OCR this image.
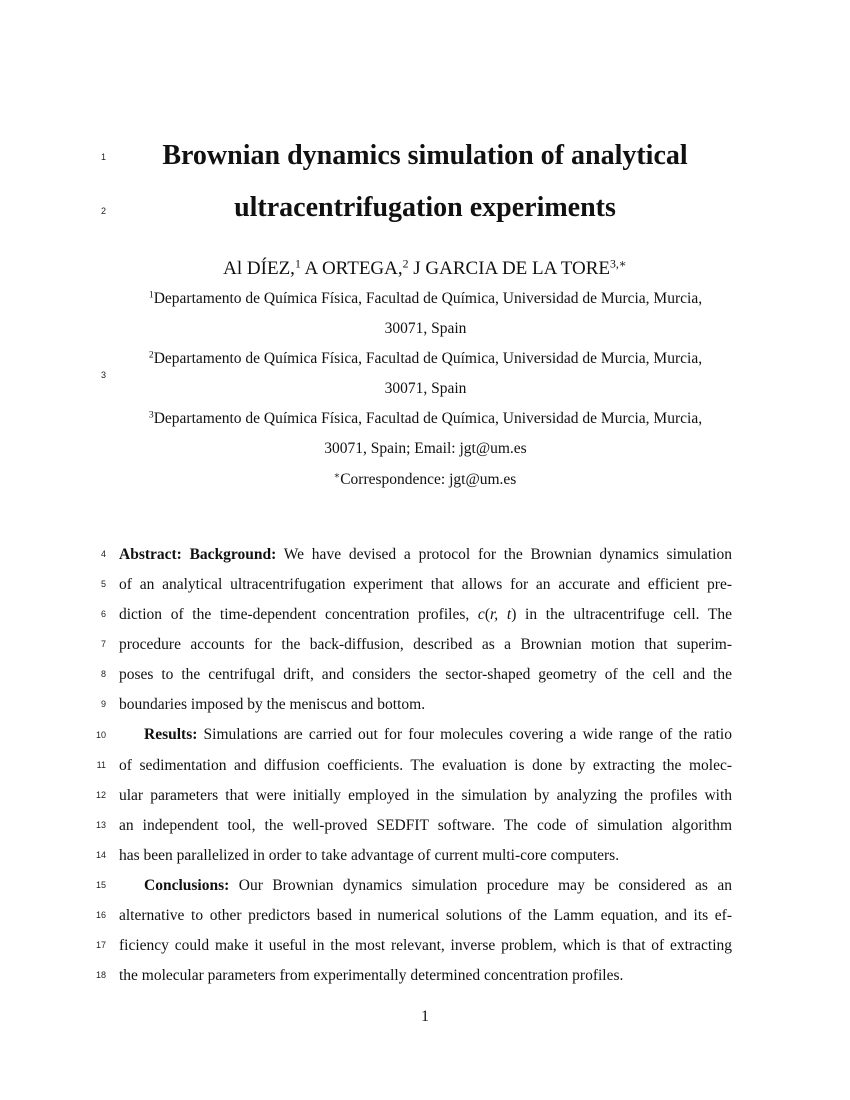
1
2
3
4
5
6
7
8
9
10
11
12
13
14
15
16
17
18
Brownian dynamics simulation of analytical
ultracentrifugation experiments
Al DÍEZ,$^1$ A ORTEGA,$^2$ J GARCIA DE LA $TORE^{3,∗}$
$^1$Departamento de Química Física, Facultad de Química, Universidad de Murcia, Murcia,
30071, Spain
$^2$Departamento de Química Física, Facultad de Química, Universidad de Murcia, Murcia,
30071, Spain
$^3$Departamento de Química Física, Facultad de Química, Universidad de Murcia, Murcia,
30071, Spain; Email: jgt@um.es
∗Correspondence: jgt@um.es
Abstract: Background: We have devised a protocol for the Brownian dynamics simulation
of an analytical ultracentrifugation experiment that allows for an accurate and efficient pre-
diction of the time-dependent concentration profiles, c(r, t) in the ultracentrifuge cell. The
procedure accounts for the back-diffusion, described as a Brownian motion that superim-
poses to the centrifugal drift, and considers the sector-shaped geometry of the cell and the
boundaries imposed by the meniscus and bottom.
Results: Simulations are carried out for four molecules covering a wide range of the ratio
of sedimentation and diffusion coefficients. The evaluation is done by extracting the molec-
ular parameters that were initially employed in the simulation by analyzing the profiles with
an independent tool, the well-proved SEDFIT software. The code of simulation algorithm
has been parallelized in order to take advantage of current multi-core computers.
Conclusions: Our Brownian dynamics simulation procedure may be considered as an
alternative to other predictors based in numerical solutions of the Lamm equation, and its ef-
ficiency could make it useful in the most relevant, inverse problem, which is that of extracting
the molecular parameters from experimentally determined concentration profiles.
1
